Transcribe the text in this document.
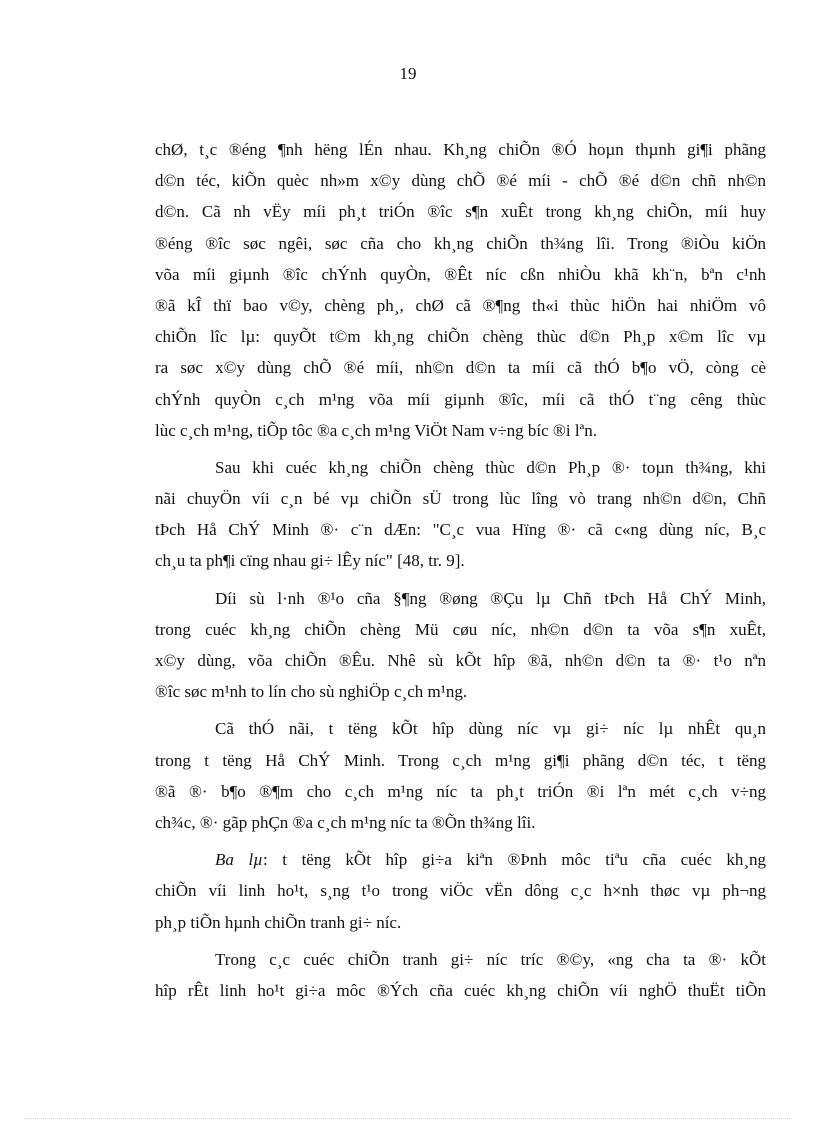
19
chØ, t¸c ®éng ¶nh hëng lÉn nhau. Kh¸ng chiÕn ®Ó hoµn thµnh gi¶i phãng
d©n téc, kiÕn quèc nh»m x©y dùng chÕ ®é míi - chÕ ®é d©n chñ nh©n
d©n. Cã nh vËy míi ph¸t triÓn ®îc s¶n xuÊt trong kh¸ng chiÕn, míi huy
®éng ®îc søc ngêi, søc cña cho kh¸ng chiÕn th¾ng lîi. Trong ®iÒu kiÖn
võa míi giµnh ®îc chÝnh quyÒn, ®Êt níc cßn nhiÒu khã kh¨n, bªn c¹nh
®ã kÎ thï bao v©y, chèng ph¸, chØ cã ®¶ng th«i thùc hiÖn hai nhiÖm vô
chiÕn lîc lµ: quyÕt t©m kh¸ng chiÕn chèng thùc d©n Ph¸p x©m lîc vµ
ra søc x©y dùng chÕ ®é míi, nh©n d©n ta míi cã thÓ b¶o vÖ, còng cè
chÝnh quyÒn c¸ch m¹ng võa míi giµnh ®îc, míi cã thÓ t¨ng cêng thùc
lùc c¸ch m¹ng, tiÕp tôc ®a c¸ch m¹ng ViÖt Nam v÷ng bíc ®i lªn.
Sau khi cuéc kh¸ng chiÕn chèng thùc d©n Ph¸p ®· toµn th¾ng, khi
nãi chuyÖn víi c¸n bé vµ chiÕn sÜ trong lùc lîng vò trang nh©n d©n, Chñ
tÞch Hå ChÝ Minh ®· c¨n dÆn: "C¸c vua Hïng ®· cã c«ng dùng níc, B¸c
ch¸u ta ph¶i cïng nhau gi÷ lÊy níc" [48, tr. 9].
Díi sù l·nh ®¹o cña §¶ng ®øng ®Çu lµ Chñ tÞch Hå ChÝ Minh,
trong cuéc kh¸ng chiÕn chèng Mü cøu níc, nh©n d©n ta võa s¶n xuÊt,
x©y dùng, võa chiÕn ®Êu. Nhê sù kÕt hîp ®ã, nh©n d©n ta ®· t¹o nªn
®îc søc m¹nh to lín cho sù nghiÖp c¸ch m¹ng.
Cã thÓ nãi, t tëng kÕt hîp dùng níc vµ gi÷ níc lµ nhÊt qu¸n
trong t tëng Hå ChÝ Minh. Trong c¸ch m¹ng gi¶i phãng d©n téc, t tëng
®ã ®· b¶o ®¶m cho c¸ch m¹ng níc ta ph¸t triÓn ®i lªn mét c¸ch v÷ng
ch¾c, ®· gãp phÇn ®a c¸ch m¹ng níc ta ®Õn th¾ng lîi.
Ba lµ: t tëng kÕt hîp gi÷a kiªn ®Þnh môc tiªu cña cuéc kh¸ng
chiÕn víi linh ho¹t, s¸ng t¹o trong viÖc vËn dông c¸c h×nh thøc vµ ph¬ng
ph¸p tiÕn hµnh chiÕn tranh gi÷ níc.
Trong c¸c cuéc chiÕn tranh gi÷ níc tríc ®©y, «ng cha ta ®· kÕt
hîp rÊt linh ho¹t gi÷a môc ®Ých cña cuéc kh¸ng chiÕn víi nghÖ thuËt tiÕn
